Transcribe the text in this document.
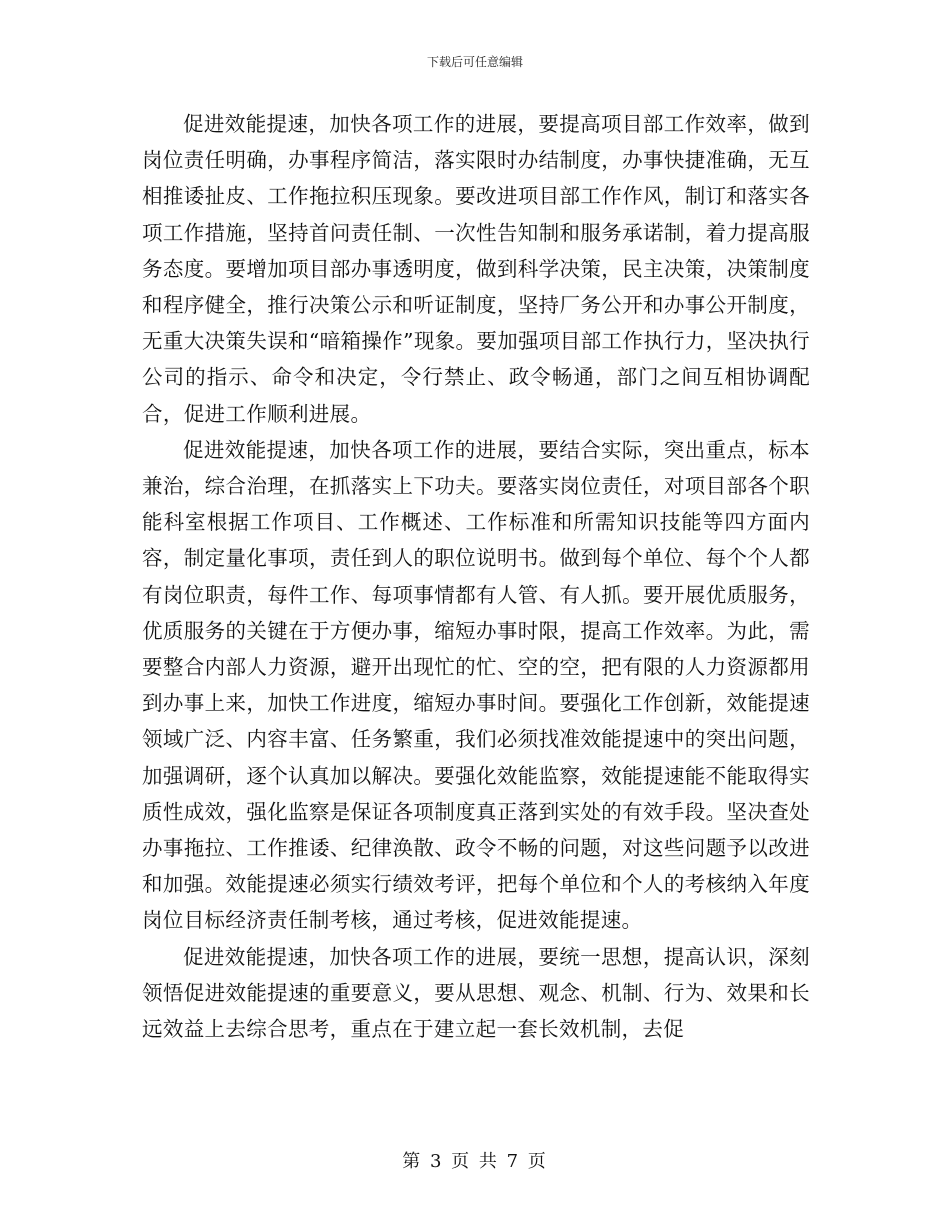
下载后可任意编辑

促进效能提速，加快各项工作的进展，要提高项目部工作效率，做到岗位责任明确，办事程序简洁，落实限时办结制度，办事快捷准确，无互相推诿扯皮、工作拖拉积压现象。要改进项目部工作作风，制订和落实各项工作措施，坚持首问责任制、一次性告知制和服务承诺制，着力提高服务态度。要增加项目部办事透明度，做到科学决策，民主决策，决策制度和程序健全，推行决策公示和听证制度，坚持厂务公开和办事公开制度，无重大决策失误和“暗箱操作”现象。要加强项目部工作执行力，坚决执行公司的指示、命令和决定，令行禁止、政令畅通，部门之间互相协调配合，促进工作顺利进展。

促进效能提速，加快各项工作的进展，要结合实际，突出重点，标本兼治，综合治理，在抓落实上下功夫。要落实岗位责任，对项目部各个职能科室根据工作项目、工作概述、工作标准和所需知识技能等四方面内容，制定量化事项，责任到人的职位说明书。做到每个单位、每个个人都有岗位职责，每件工作、每项事情都有人管、有人抓。要开展优质服务，优质服务的关键在于方便办事，缩短办事时限，提高工作效率。为此，需要整合内部人力资源，避开出现忙的忙、空的空，把有限的人力资源都用到办事上来，加快工作进度，缩短办事时间。要强化工作创新，效能提速领域广泛、内容丰富、任务繁重，我们必须找准效能提速中的突出问题，加强调研，逐个认真加以解决。要强化效能监察，效能提速能不能取得实质性成效，强化监察是保证各项制度真正落到实处的有效手段。坚决查处办事拖拉、工作推诿、纪律涣散、政令不畅的问题，对这些问题予以改进和加强。效能提速必须实行绩效考评，把每个单位和个人的考核纳入年度岗位目标经济责任制考核，通过考核，促进效能提速。

促进效能提速，加快各项工作的进展，要统一思想，提高认识，深刻领悟促进效能提速的重要意义，要从思想、观念、机制、行为、效果和长远效益上去综合思考，重点在于建立起一套长效机制，去促

第 3 页 共 7 页
